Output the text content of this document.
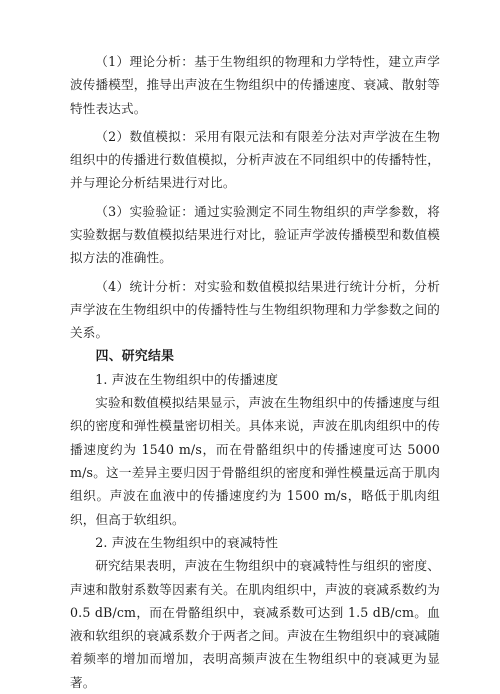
（1）理论分析：基于生物组织的物理和力学特性，建立声学波传播模型，推导出声波在生物组织中的传播速度、衰减、散射等特性表达式。

（2）数值模拟：采用有限元法和有限差分法对声学波在生物组织中的传播进行数值模拟，分析声波在不同组织中的传播特性，并与理论分析结果进行对比。

（3）实验验证：通过实验测定不同生物组织的声学参数，将实验数据与数值模拟结果进行对比，验证声学波传播模型和数值模拟方法的准确性。

（4）统计分析：对实验和数值模拟结果进行统计分析，分析声学波在生物组织中的传播特性与生物组织物理和力学参数之间的关系。

四、研究结果
1. 声波在生物组织中的传播速度

实验和数值模拟结果显示，声波在生物组织中的传播速度与组织的密度和弹性模量密切相关。具体来说，声波在肌肉组织中的传播速度约为 1540 m/s，而在骨骼组织中的传播速度可达 5000 m/s。这一差异主要归因于骨骼组织的密度和弹性模量远高于肌肉组织。声波在血液中的传播速度约为 1500 m/s，略低于肌肉组织，但高于软组织。

2. 声波在生物组织中的衰减特性

研究结果表明，声波在生物组织中的衰减特性与组织的密度、声速和散射系数等因素有关。在肌肉组织中，声波的衰减系数约为 0.5 dB/cm，而在骨骼组织中，衰减系数可达到 1.5 dB/cm。血液和软组织的衰减系数介于两者之间。声波在生物组织中的衰减随着频率的增加而增加，表明高频声波在生物组织中的衰减更为显著。
